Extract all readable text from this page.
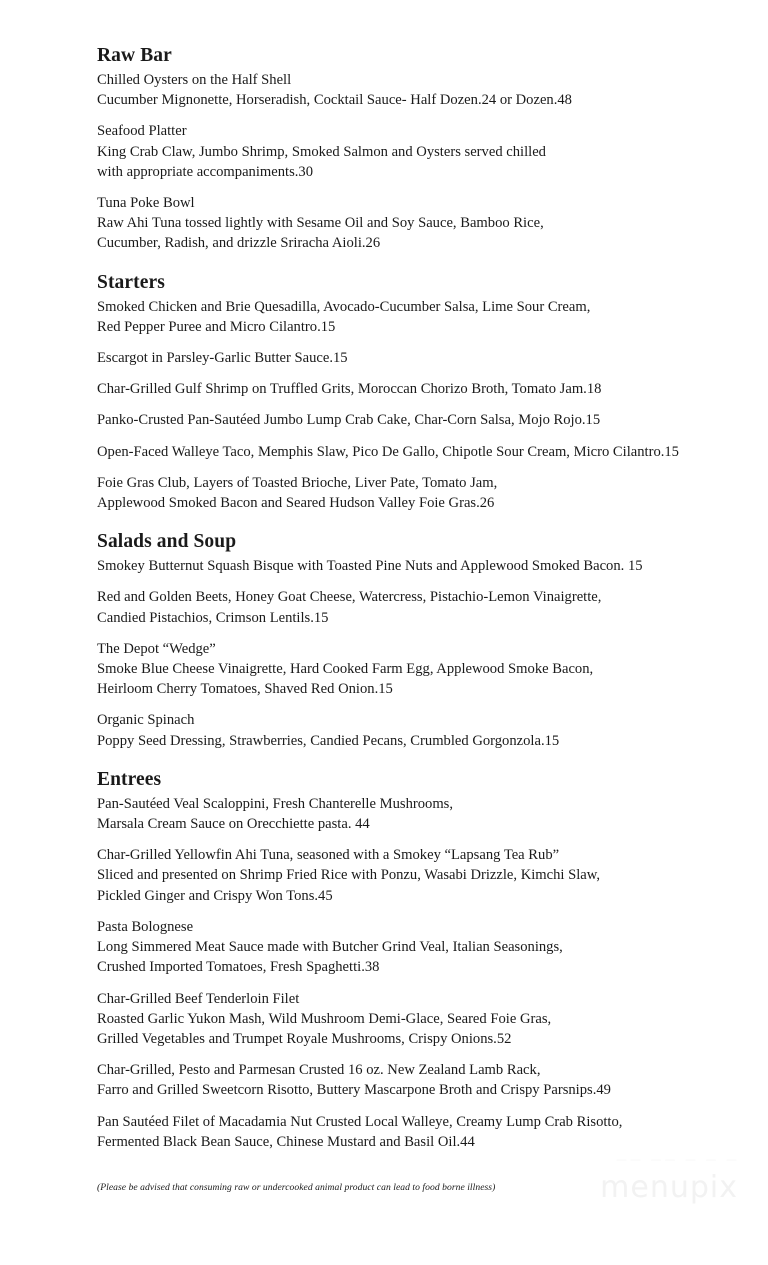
Raw Bar
Chilled Oysters on the Half Shell
Cucumber Mignonette, Horseradish, Cocktail Sauce- Half Dozen.24 or Dozen.48
Seafood Platter
King Crab Claw, Jumbo Shrimp, Smoked Salmon and Oysters served chilled
with appropriate accompaniments.30
Tuna Poke Bowl
Raw Ahi Tuna tossed lightly with Sesame Oil and Soy Sauce, Bamboo Rice,
Cucumber, Radish, and drizzle Sriracha Aioli.26
Starters
Smoked Chicken and Brie Quesadilla, Avocado-Cucumber Salsa, Lime Sour Cream,
Red Pepper Puree and Micro Cilantro.15
Escargot in Parsley-Garlic Butter Sauce.15
Char-Grilled Gulf Shrimp on Truffled Grits, Moroccan Chorizo Broth, Tomato Jam.18
Panko-Crusted Pan-Sautéed Jumbo Lump Crab Cake, Char-Corn Salsa, Mojo Rojo.15
Open-Faced Walleye Taco, Memphis Slaw, Pico De Gallo, Chipotle Sour Cream, Micro Cilantro.15
Foie Gras Club, Layers of Toasted Brioche, Liver Pate, Tomato Jam,
Applewood Smoked Bacon and Seared Hudson Valley Foie Gras.26
Salads and Soup
Smokey Butternut Squash Bisque with Toasted Pine Nuts and Applewood Smoked Bacon. 15
Red and Golden Beets, Honey Goat Cheese, Watercress, Pistachio-Lemon Vinaigrette,
Candied Pistachios, Crimson Lentils.15
The Depot “Wedge”
Smoke Blue Cheese Vinaigrette, Hard Cooked Farm Egg, Applewood Smoke Bacon,
Heirloom Cherry Tomatoes, Shaved Red Onion.15
Organic Spinach
Poppy Seed Dressing, Strawberries, Candied Pecans, Crumbled Gorgonzola.15
Entrees
Pan-Sautéed Veal Scaloppini, Fresh Chanterelle Mushrooms,
Marsala Cream Sauce on Orecchiette pasta. 44
Char-Grilled Yellowfin Ahi Tuna, seasoned with a Smokey “Lapsang Tea Rub”
Sliced and presented on Shrimp Fried Rice with Ponzu, Wasabi Drizzle, Kimchi Slaw,
Pickled Ginger and Crispy Won Tons.45
Pasta Bolognese
Long Simmered Meat Sauce made with Butcher Grind Veal, Italian Seasonings,
Crushed Imported Tomatoes, Fresh Spaghetti.38
Char-Grilled Beef Tenderloin Filet
Roasted Garlic Yukon Mash, Wild Mushroom Demi-Glace, Seared Foie Gras,
Grilled Vegetables and Trumpet Royale Mushrooms, Crispy Onions.52
Char-Grilled, Pesto and Parmesan Crusted 16 oz. New Zealand Lamb Rack,
Farro and Grilled Sweetcorn Risotto, Buttery Mascarpone Broth and Crispy Parsnips.49
Pan Sautéed Filet of Macadamia Nut Crusted Local Walleye, Creamy Lump Crab Risotto,
Fermented Black Bean Sauce, Chinese Mustard and Basil Oil.44
(Please be advised that consuming raw or undercooked animal product can lead to food borne illness)
—— —— — — —
menupix
